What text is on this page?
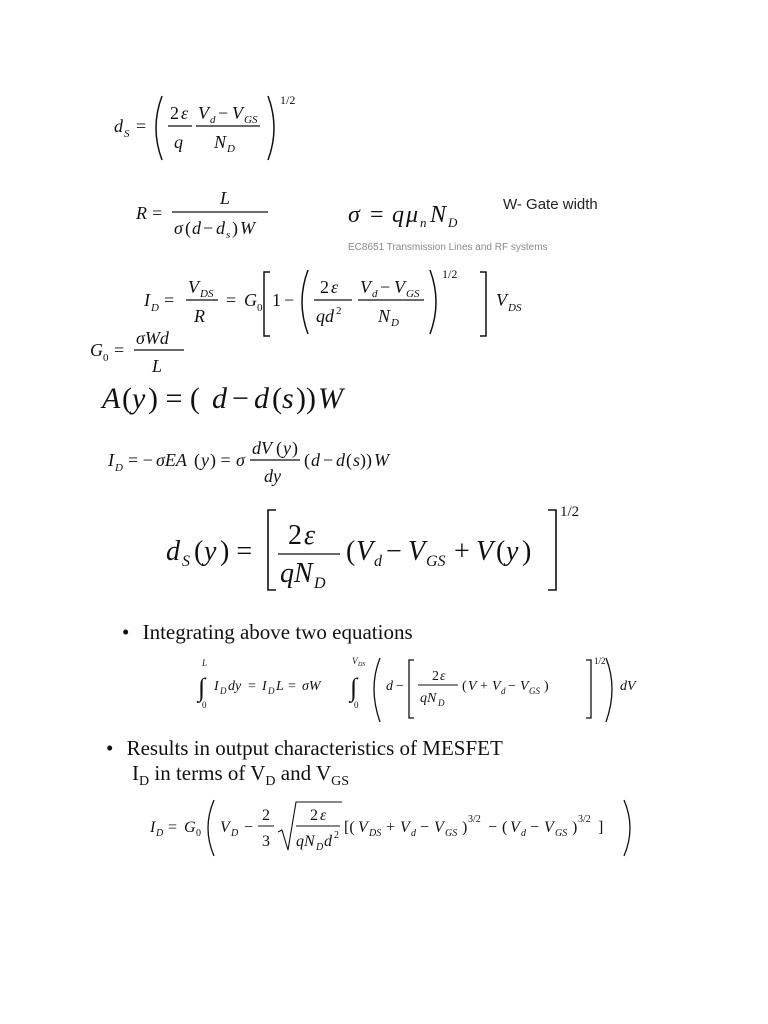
d S =
2 ε
q
V d − V GS
N D
1/2
R =
L
σ ( d − d s ) W	σ = q μ n N D
W- Gate width
EC8651 Transmission Lines and RF systems
I D =
V DS
R
= G 0 1 −
2 ε
qd 2
V d − V GS
N D
1/2
V DS
G 0 =
σWd
L
A ( y ) = ( d − d ( s )) W
I D = − σEA ( y ) = σ
dV ( y )
dy
( d − d ( s )) W
d S ( y ) =
2 ε
qN D
( V d − V GS + V ( y )
1/2
• Integrating above two equations
L
∫
0
I D dy = I D L = σW
V DS
∫
0
d −
2 ε
qN D
( V + V d − V GS )
1/2
dV
• Results in output characteristics of MESFET
$I_D$ in terms of $V_D$ and $V_{GS}$
I D = G 0 V D −
2
3
2 ε
qN D d 2 [( V DS + V d − V GS ) 3/2 − ( V d − V GS ) 3/2 ]
